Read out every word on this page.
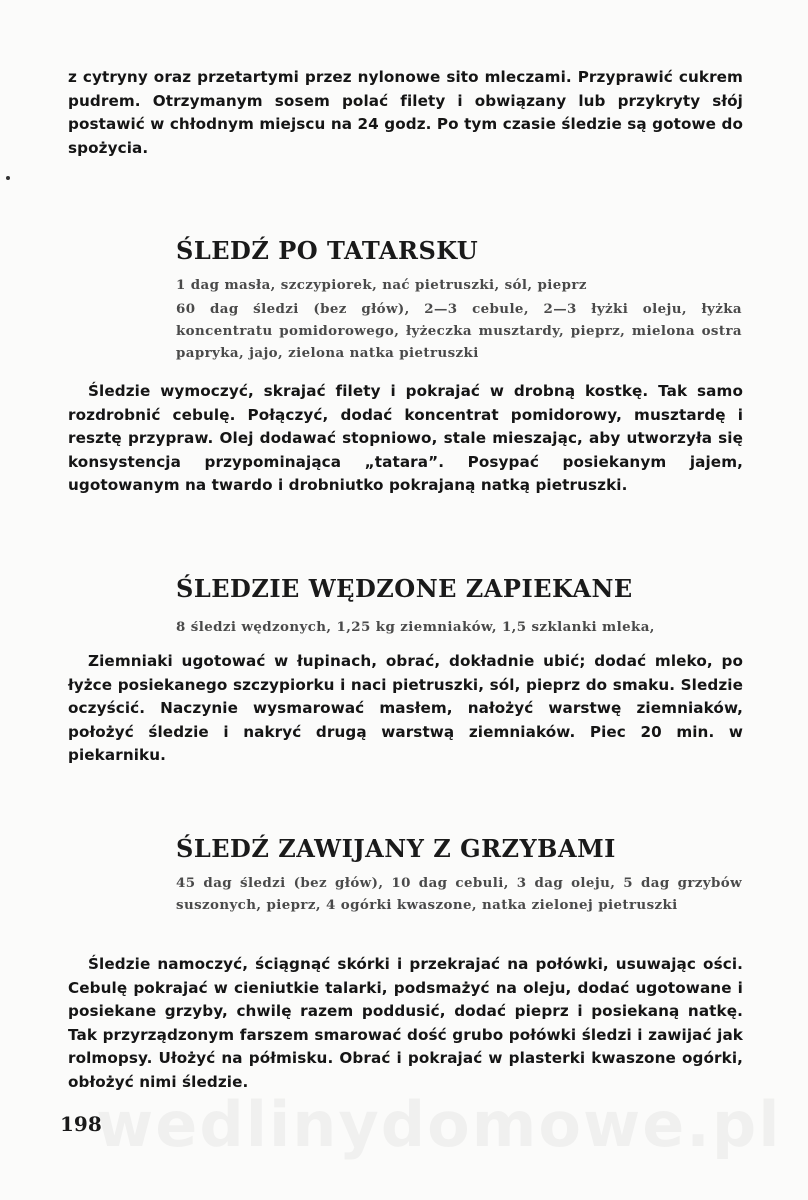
z cytryny oraz przetartymi przez nylonowe sito mleczami. Przyprawić cukrem pudrem. Otrzymanym sosem polać filety i obwiązany lub przykryty słój postawić w chłodnym miejscu na 24 godz. Po tym czasie śledzie są gotowe do spożycia.

ŚLEDŹ PO TATARSKU

1 dag masła, szczypiorek, nać pietruszki, sól, pieprz

60 dag śledzi (bez głów), 2—3 cebule, 2—3 łyżki oleju, łyżka koncentratu pomidorowego, łyżeczka musztardy, pieprz, mielona ostra papryka, jajo, zielona natka pietruszki

Śledzie wymoczyć, skrajać filety i pokrajać w drobną kostkę. Tak samo rozdrobnić cebulę. Połączyć, dodać koncentrat pomidorowy, musztardę i resztę przypraw. Olej dodawać stopniowo, stale mieszając, aby utworzyła się konsystencja przypominająca „tatara”. Posypać posiekanym jajem, ugotowanym na twardo i drobniutko pokrajaną natką pietruszki.

ŚLEDZIE WĘDZONE ZAPIEKANE

8 śledzi wędzonych, 1,25 kg ziemniaków, 1,5 szklanki mleka,

Ziemniaki ugotować w łupinach, obrać, dokładnie ubić; dodać mleko, po łyżce posiekanego szczypiorku i naci pietruszki, sól, pieprz do smaku. Sledzie oczyścić. Naczynie wysmarować masłem, nałożyć warstwę ziemniaków, położyć śledzie i nakryć drugą warstwą ziemniaków. Piec 20 min. w piekarniku.

ŚLEDŹ ZAWIJANY Z GRZYBAMI

45 dag śledzi (bez głów), 10 dag cebuli, 3 dag oleju, 5 dag grzybów suszonych, pieprz, 4 ogórki kwaszone, natka zielonej pietruszki

Śledzie namoczyć, ściągnąć skórki i przekrajać na połówki, usuwając ości. Cebulę pokrajać w cieniutkie talarki, podsmażyć na oleju, dodać ugotowane i posiekane grzyby, chwilę razem poddusić, dodać pieprz i posiekaną natkę. Tak przyrządzonym farszem smarować dość grubo połówki śledzi i zawijać jak rolmopsy. Ułożyć na półmisku. Obrać i pokrajać w plasterki kwaszone ogórki, obłożyć nimi śledzie.

198
